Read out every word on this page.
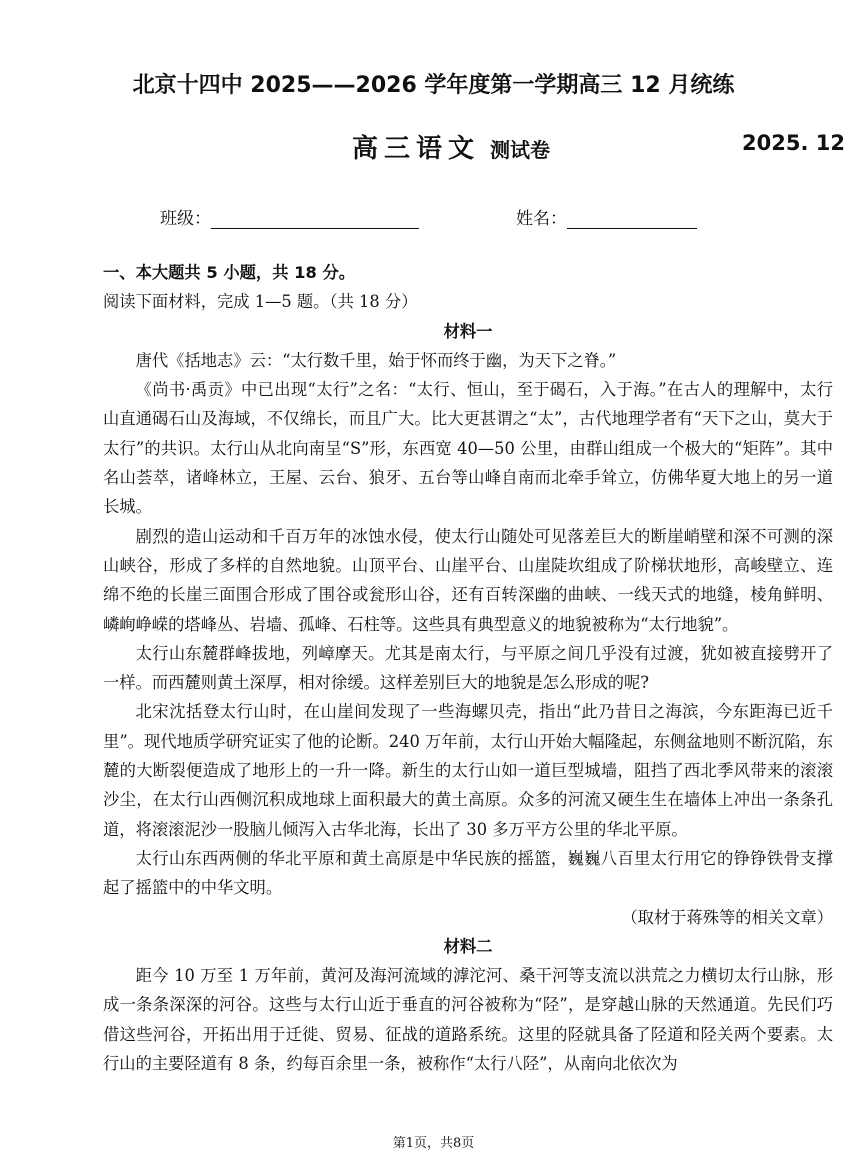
北京十四中 2025——2026 学年度第一学期高三 12 月统练
高三语文 测试卷	2025. 12
班级：	姓名：

一、本大题共 5 小题，共 18 分。

阅读下面材料，完成 1—5 题。（共 18 分）

材料一

唐代《括地志》云：“太行数千里，始于怀而终于幽，为天下之脊。”

《尚书·禹贡》中已出现“太行”之名：“太行、恒山，至于碣石，入于海。”在古人的理解中，太行山直通碣石山及海域，不仅绵长，而且广大。比大更甚谓之“太”，古代地理学者有“天下之山，莫大于太行”的共识。太行山从北向南呈“S”形，东西宽 40—50 公里，由群山组成一个极大的“矩阵”。其中名山荟萃，诸峰林立，王屋、云台、狼牙、五台等山峰自南而北牵手耸立，仿佛华夏大地上的另一道长城。

剧烈的造山运动和千百万年的冰蚀水侵，使太行山随处可见落差巨大的断崖峭壁和深不可测的深山峡谷，形成了多样的自然地貌。山顶平台、山崖平台、山崖陡坎组成了阶梯状地形，高峻壁立、连绵不绝的长崖三面围合形成了围谷或瓮形山谷，还有百转深幽的曲峡、一线天式的地缝，棱角鲜明、嶙峋峥嵘的塔峰丛、岩墙、孤峰、石柱等。这些具有典型意义的地貌被称为“太行地貌”。

太行山东麓群峰拔地，列嶂摩天。尤其是南太行，与平原之间几乎没有过渡，犹如被直接劈开了一样。而西麓则黄土深厚，相对徐缓。这样差别巨大的地貌是怎么形成的呢?

北宋沈括登太行山时，在山崖间发现了一些海螺贝壳，指出“此乃昔日之海滨，今东距海已近千里”。现代地质学研究证实了他的论断。240 万年前，太行山开始大幅隆起，东侧盆地则不断沉陷，东麓的大断裂便造成了地形上的一升一降。新生的太行山如一道巨型城墙，阻挡了西北季风带来的滚滚沙尘，在太行山西侧沉积成地球上面积最大的黄土高原。众多的河流又硬生生在墙体上冲出一条条孔道，将滚滚泥沙一股脑儿倾泻入古华北海，长出了 30 多万平方公里的华北平原。

太行山东西两侧的华北平原和黄土高原是中华民族的摇篮，巍巍八百里太行用它的铮铮铁骨支撑起了摇篮中的中华文明。

（取材于蒋殊等的相关文章）

材料二

距今 10 万至 1 万年前，黄河及海河流域的滹沱河、桑干河等支流以洪荒之力横切太行山脉，形成一条条深深的河谷。这些与太行山近于垂直的河谷被称为“陉”，是穿越山脉的天然通道。先民们巧借这些河谷，开拓出用于迁徙、贸易、征战的道路系统。这里的陉就具备了陉道和陉关两个要素。太行山的主要陉道有 8 条，约每百余里一条，被称作“太行八陉”，从南向北依次为

第1页，共8页
